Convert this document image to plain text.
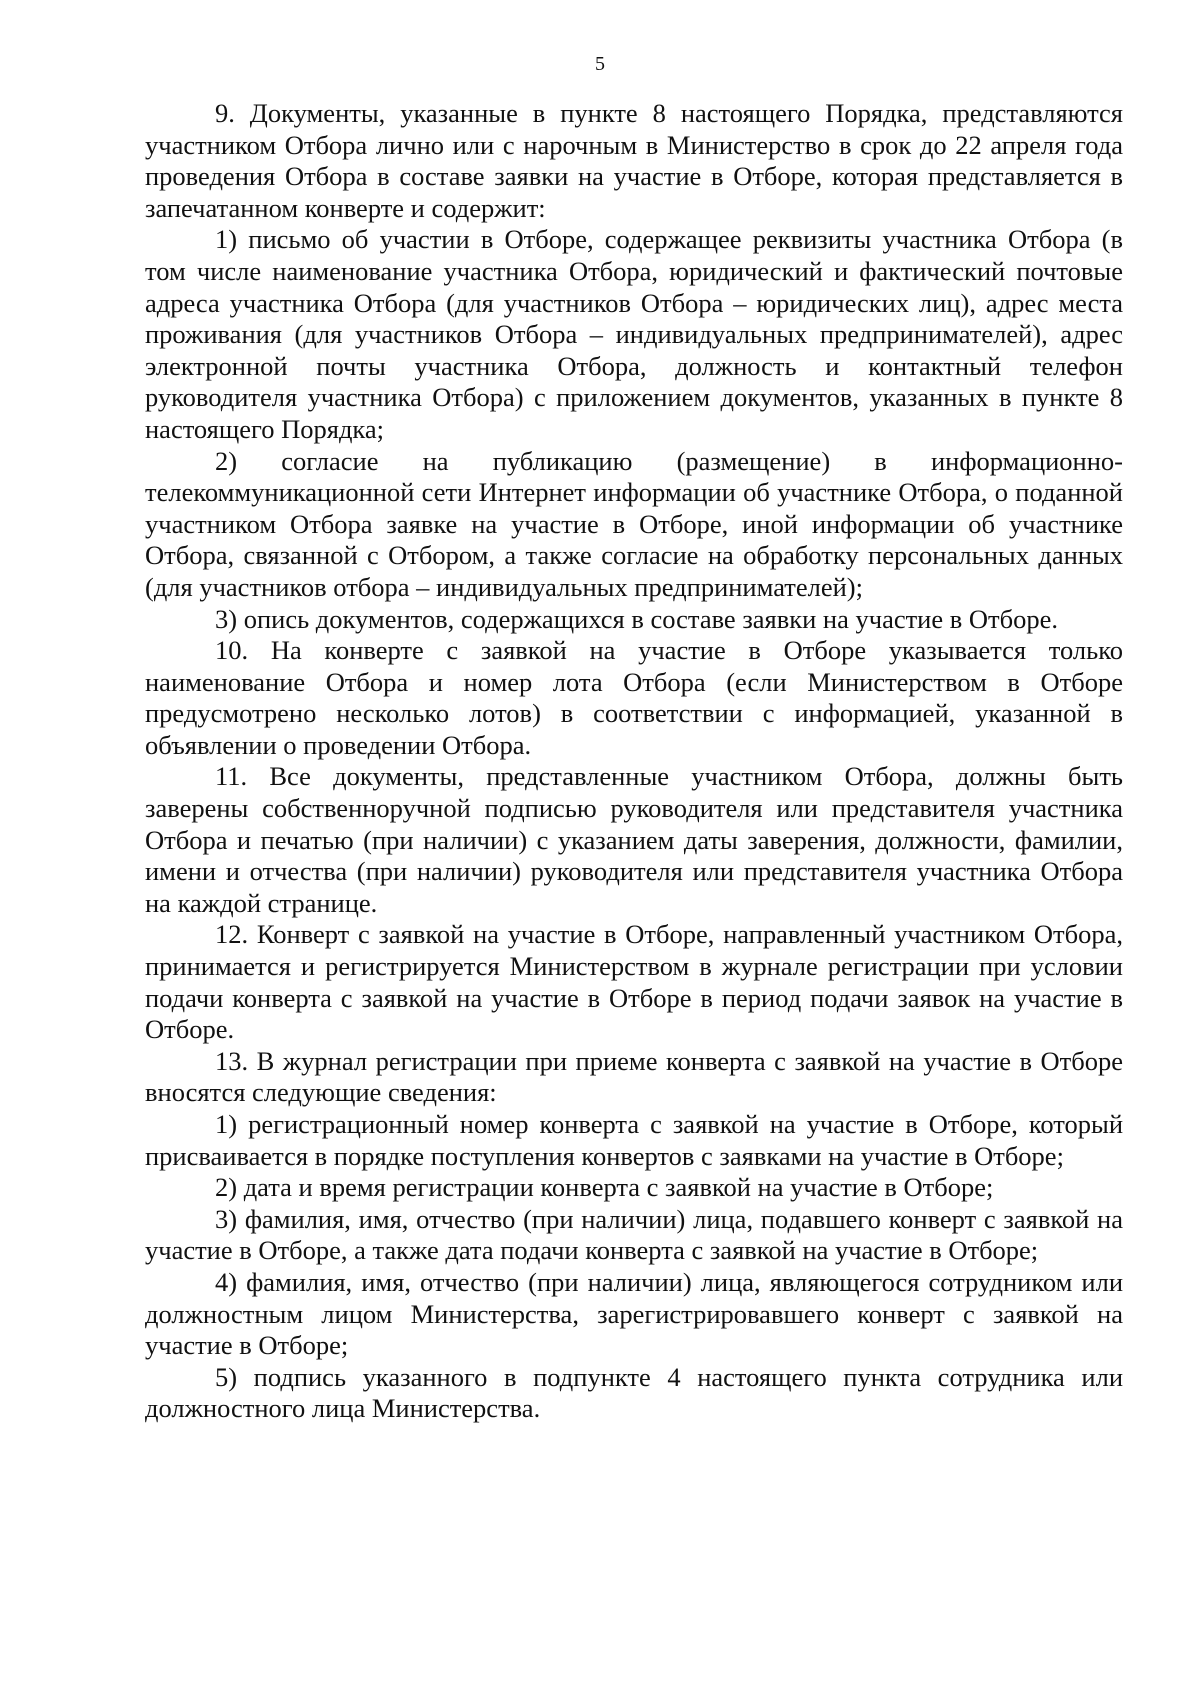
5

9. Документы, указанные в пункте 8 настоящего Порядка, представляются участником Отбора лично или с нарочным в Министерство в срок до 22 апреля года проведения Отбора в составе заявки на участие в Отборе, которая представляется в запечатанном конверте и содержит:

1) письмо об участии в Отборе, содержащее реквизиты участника Отбора (в том числе наименование участника Отбора, юридический и фактический почтовые адреса участника Отбора (для участников Отбора – юридических лиц), адрес места проживания (для участников Отбора – индивидуальных предпринимателей), адрес электронной почты участника Отбора, должность и контактный телефон руководителя участника Отбора) с приложением документов, указанных в пункте 8 настоящего Порядка;

2) согласие на публикацию (размещение) в информационно-телекоммуникационной сети Интернет информации об участнике Отбора, о поданной участником Отбора заявке на участие в Отборе, иной информации об участнике Отбора, связанной с Отбором, а также согласие на обработку персональных данных (для участников отбора – индивидуальных предпринимателей);

3) опись документов, содержащихся в составе заявки на участие в Отборе.

10. На конверте с заявкой на участие в Отборе указывается только наименование Отбора и номер лота Отбора (если Министерством в Отборе предусмотрено несколько лотов) в соответствии с информацией, указанной в объявлении о проведении Отбора.

11. Все документы, представленные участником Отбора, должны быть заверены собственноручной подписью руководителя или представителя участника Отбора и печатью (при наличии) с указанием даты заверения, должности, фамилии, имени и отчества (при наличии) руководителя или представителя участника Отбора на каждой странице.

12. Конверт с заявкой на участие в Отборе, направленный участником Отбора, принимается и регистрируется Министерством в журнале регистрации при условии подачи конверта с заявкой на участие в Отборе в период подачи заявок на участие в Отборе.

13. В журнал регистрации при приеме конверта с заявкой на участие в Отборе вносятся следующие сведения:

1) регистрационный номер конверта с заявкой на участие в Отборе, который присваивается в порядке поступления конвертов с заявками на участие в Отборе;

2) дата и время регистрации конверта с заявкой на участие в Отборе;

3) фамилия, имя, отчество (при наличии) лица, подавшего конверт с заявкой на участие в Отборе, а также дата подачи конверта с заявкой на участие в Отборе;

4) фамилия, имя, отчество (при наличии) лица, являющегося сотрудником или должностным лицом Министерства, зарегистрировавшего конверт с заявкой на участие в Отборе;

5) подпись указанного в подпункте 4 настоящего пункта сотрудника или должностного лица Министерства.
